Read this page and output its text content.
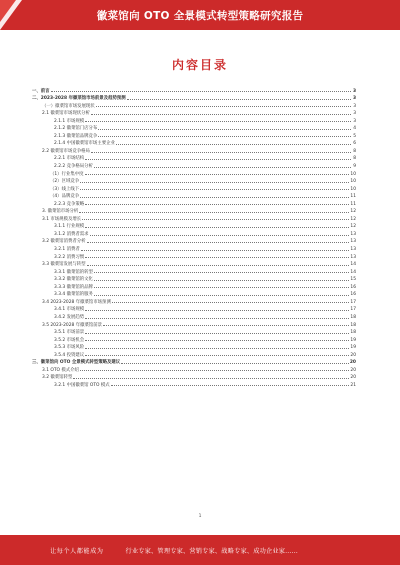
徽菜馆向 OTO 全景模式转型策略研究报告
内容目录
一、前言	3
二、2023-2028 年徽菜馆市场前景及趋势预测	3
（一）徽菜馆市场发展现状	3
2.1 徽菜馆市场现状分析	3
2.1.1 市场规模	3
2.1.2 徽菜馆门店分布	4
2.1.3 徽菜馆品牌竞争	5
2.1.4 中国徽菜馆市场主要企业	6
2.2 徽菜馆市场竞争格局	8
2.2.1 市场结构	8
2.2.2 竞争格局分析	9
（1）行业集中度	10
（2）区域竞争	10
（3）线上线下	10
（4）品牌竞争	11
2.2.3 竞争策略	11
3. 徽菜馆市场分析	12
3.1 市场规模及增长	12
3.1.1 行业规模	12
3.1.2 消费者需求	13
3.2 徽菜馆消费者分析	13
3.2.1 消费者	13
3.2.2 消费习惯	13
3.3 徽菜馆发展与转型	14
3.3.1 徽菜馆的转型	14
3.3.2 徽菜馆的文化	15
3.3.3 徽菜馆的品牌	16
3.3.4 徽菜馆的服务	16
3.4 2023-2028 年徽菜馆市场预测	17
3.4.1 市场规模	17
3.4.2 发展趋势	18
3.5 2023-2028 年徽菜馆前景	18
3.5.1 市场前景	18
3.5.2 市场机会	19
3.5.3 市场风险	19
3.5.4 投资建议	20
三、徽菜馆向 OTO 全景模式转型策略及建议	20
3.1 OTO 模式介绍	20
3.2 徽菜馆转型	20
3.2.1 中国徽菜馆 OTO 模式	21
1
让每个人都能成为	行业专家、管理专家、营销专家、战略专家、成功企业家……
